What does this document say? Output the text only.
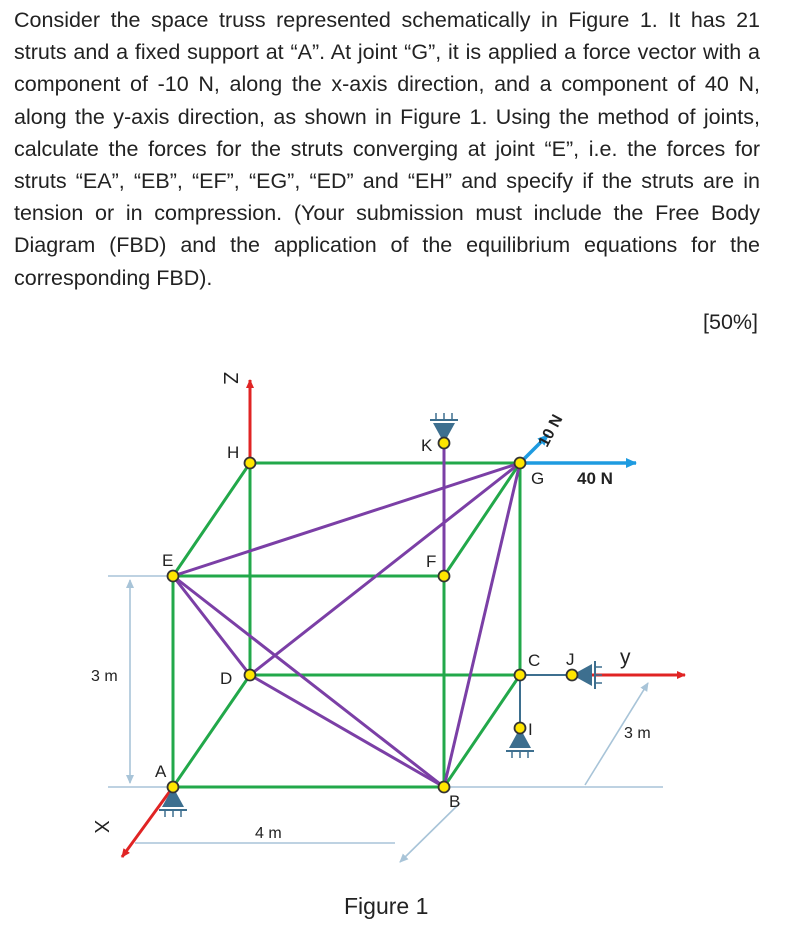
Consider the space truss represented schematically in Figure 1. It has 21 struts and a fixed support at “A”. At joint “G”, it is applied a force vector with a component of -10 N, along the x-axis direction, and a component of 40 N, along the y-axis direction, as shown in Figure 1. Using the method of joints, calculate the forces for the struts converging at joint “E”, i.e. the forces for struts “EA”, “EB”, “EF”, “EG”, “ED” and “EH” and specify if the struts are in tension or in compression. (Your submission must include the Free Body Diagram (FBD) and the application of the equilibrium equations for the corresponding FBD).

[50%]
H	K
G
E	F
D
C J
I
A
B
Z
X
y
3 m
3 m
4 m
40 N
10 N
Figure 1
